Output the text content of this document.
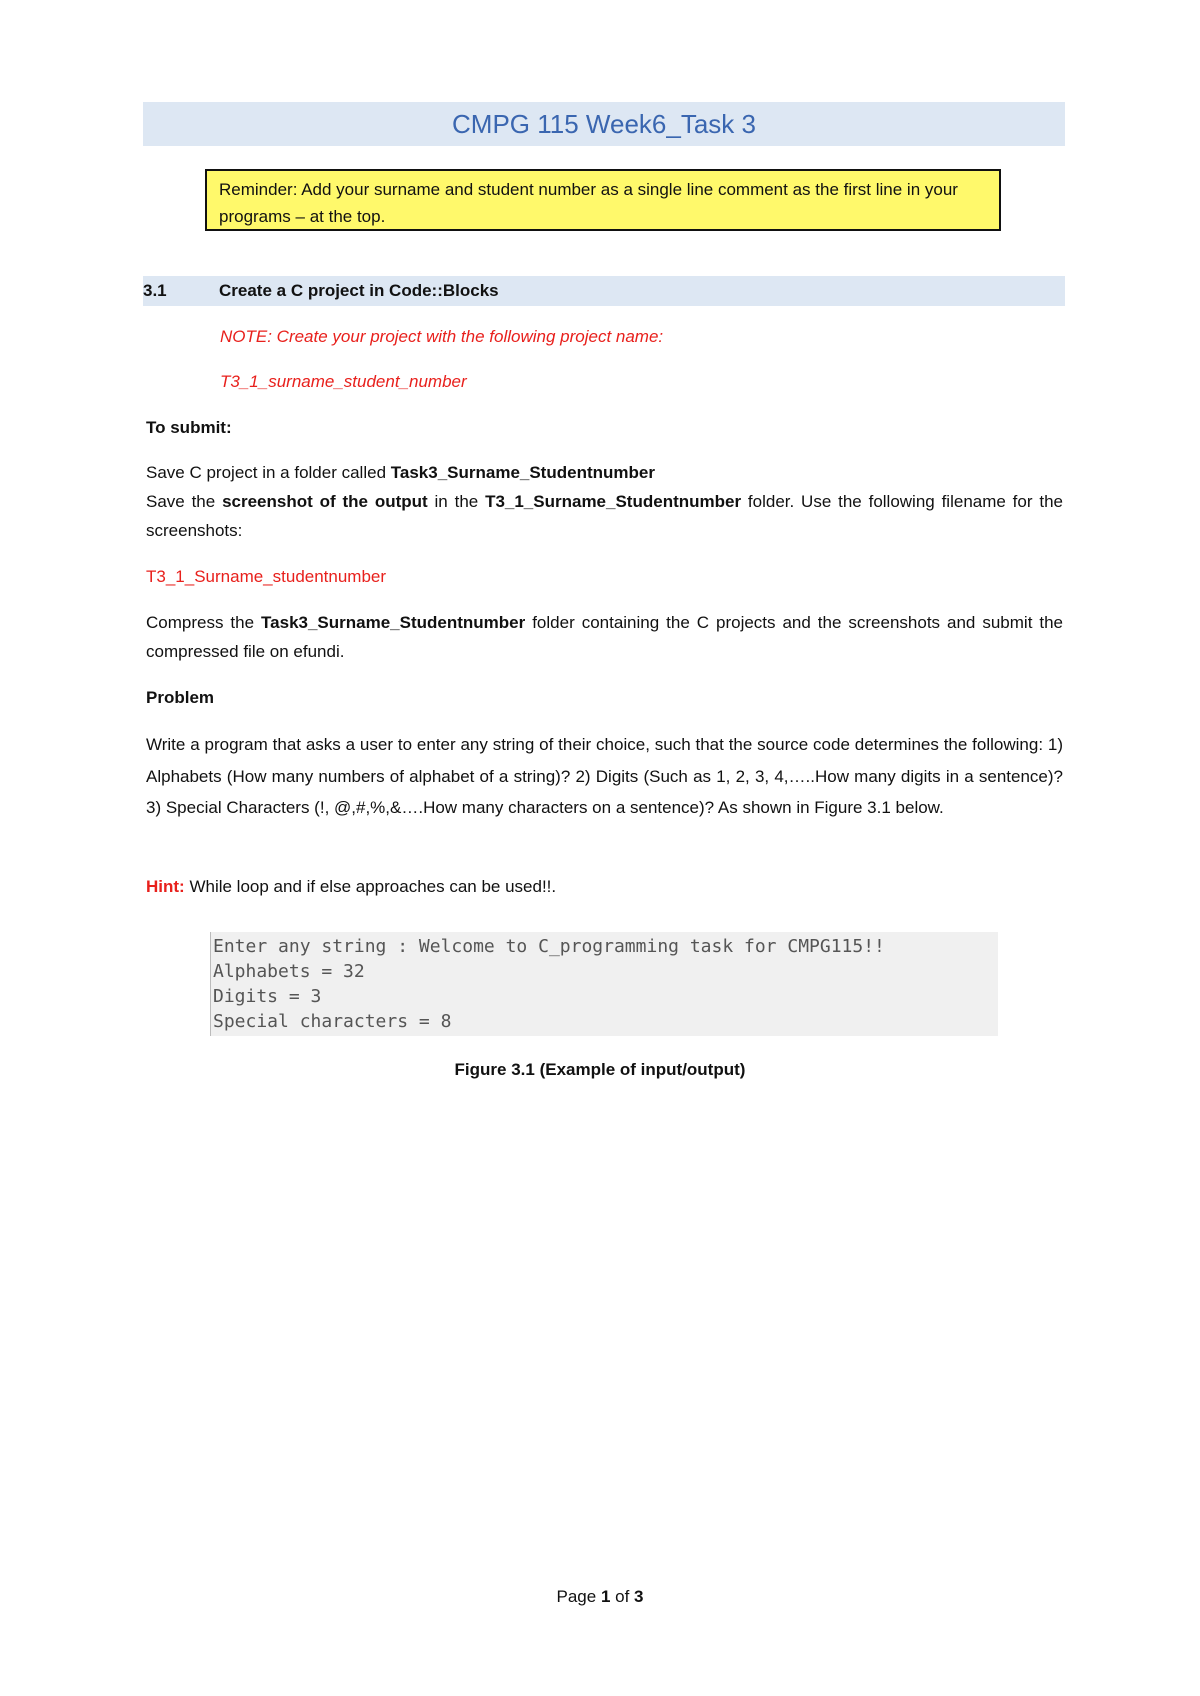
CMPG 115 Week6_Task 3
Reminder: Add your surname and student number as a single line comment as the first line in your programs – at the top.
3.1	Create a C project in Code::Blocks
NOTE: Create your project with the following project name:
T3_1_surname_student_number
To submit:
Save C project in a folder called Task3_Surname_Studentnumber
Save the screenshot of the output in the T3_1_Surname_Studentnumber folder. Use the following filename for the screenshots:
T3_1_Surname_studentnumber
Compress the Task3_Surname_Studentnumber folder containing the C projects and the screenshots and submit the compressed file on efundi.
Problem
Write a program that asks a user to enter any string of their choice, such that the source code determines the following: 1) Alphabets (How many numbers of alphabet of a string)? 2) Digits (Such as 1, 2, 3, 4,…..How many digits in a sentence)? 3) Special Characters (!, @,#,%,&….How many characters on a sentence)? As shown in Figure 3.1 below.
Hint: While loop and if else approaches can be used!!.
Enter any string : Welcome to C_programming task for CMPG115!!
Alphabets = 32
Digits = 3
Special characters = 8
Figure 3.1 (Example of input/output)
Page 1 of 3
